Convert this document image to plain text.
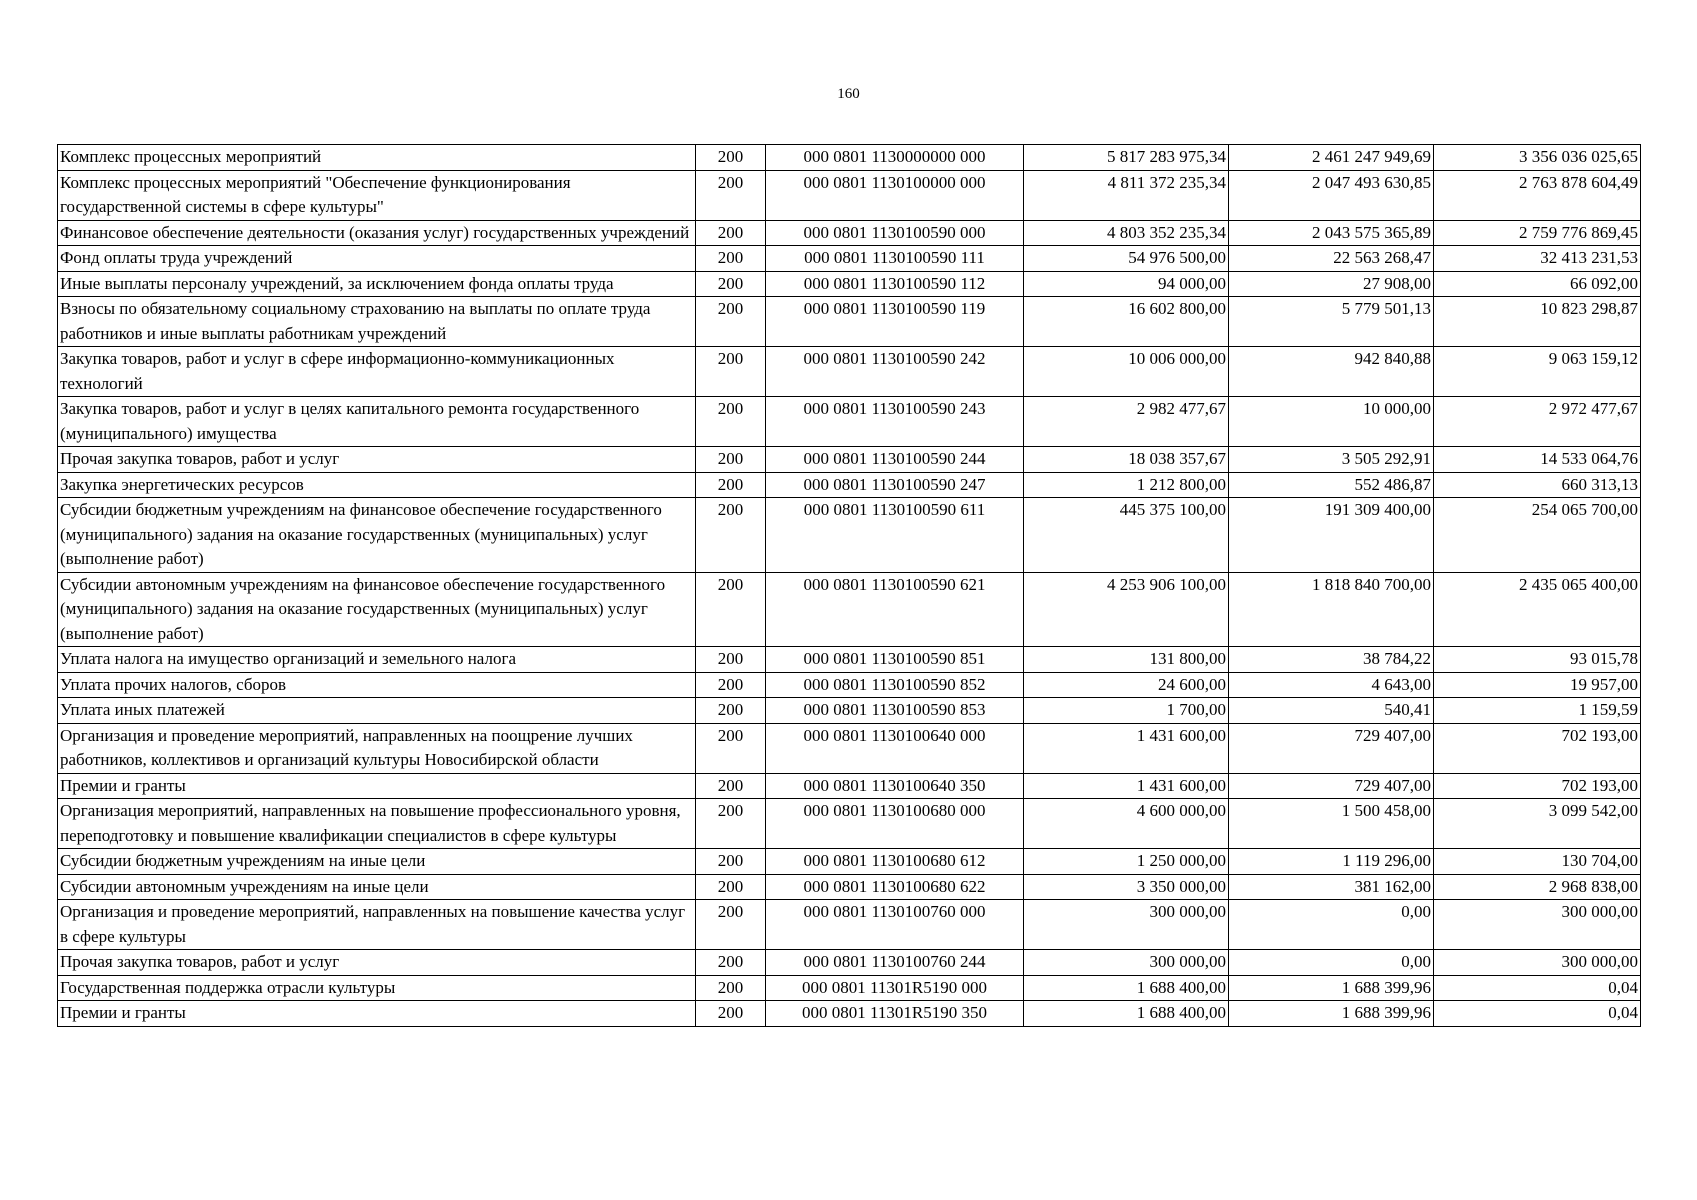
160
Комплекс процессных мероприятий	200	000 0801 1130000000 000	5 817 283 975,34	2 461 247 949,69	3 356 036 025,65
Комплекс процессных мероприятий "Обеспечение функционирования государственной системы в сфере культуры"	200	000 0801 1130100000 000	4 811 372 235,34	2 047 493 630,85	2 763 878 604,49
Финансовое обеспечение деятельности (оказания услуг) государственных учреждений	200	000 0801 1130100590 000	4 803 352 235,34	2 043 575 365,89	2 759 776 869,45
Фонд оплаты труда учреждений	200	000 0801 1130100590 111	54 976 500,00	22 563 268,47	32 413 231,53
Иные выплаты персоналу учреждений, за исключением фонда оплаты труда	200	000 0801 1130100590 112	94 000,00	27 908,00	66 092,00
Взносы по обязательному социальному страхованию на выплаты по оплате труда работников и иные выплаты работникам учреждений	200	000 0801 1130100590 119	16 602 800,00	5 779 501,13	10 823 298,87
Закупка товаров, работ и услуг в сфере информационно-коммуникационных технологий	200	000 0801 1130100590 242	10 006 000,00	942 840,88	9 063 159,12
Закупка товаров, работ и услуг в целях капитального ремонта государственного (муниципального) имущества	200	000 0801 1130100590 243	2 982 477,67	10 000,00	2 972 477,67
Прочая закупка товаров, работ и услуг	200	000 0801 1130100590 244	18 038 357,67	3 505 292,91	14 533 064,76
Закупка энергетических ресурсов	200	000 0801 1130100590 247	1 212 800,00	552 486,87	660 313,13
Субсидии бюджетным учреждениям на финансовое обеспечение государственного (муниципального) задания на оказание государственных (муниципальных) услуг (выполнение работ)	200	000 0801 1130100590 611	445 375 100,00	191 309 400,00	254 065 700,00
Субсидии автономным учреждениям на финансовое обеспечение государственного (муниципального) задания на оказание государственных (муниципальных) услуг (выполнение работ)	200	000 0801 1130100590 621	4 253 906 100,00	1 818 840 700,00	2 435 065 400,00
Уплата налога на имущество организаций и земельного налога	200	000 0801 1130100590 851	131 800,00	38 784,22	93 015,78
Уплата прочих налогов, сборов	200	000 0801 1130100590 852	24 600,00	4 643,00	19 957,00
Уплата иных платежей	200	000 0801 1130100590 853	1 700,00	540,41	1 159,59
Организация и проведение мероприятий, направленных на поощрение лучших работников, коллективов и организаций культуры Новосибирской области	200	000 0801 1130100640 000	1 431 600,00	729 407,00	702 193,00
Премии и гранты	200	000 0801 1130100640 350	1 431 600,00	729 407,00	702 193,00
Организация мероприятий, направленных на повышение профессионального уровня, переподготовку и повышение квалификации специалистов в сфере культуры	200	000 0801 1130100680 000	4 600 000,00	1 500 458,00	3 099 542,00
Субсидии бюджетным учреждениям на иные цели	200	000 0801 1130100680 612	1 250 000,00	1 119 296,00	130 704,00
Субсидии автономным учреждениям на иные цели	200	000 0801 1130100680 622	3 350 000,00	381 162,00	2 968 838,00
Организация и проведение мероприятий, направленных на повышение качества услуг в сфере культуры	200	000 0801 1130100760 000	300 000,00	0,00	300 000,00
Прочая закупка товаров, работ и услуг	200	000 0801 1130100760 244	300 000,00	0,00	300 000,00
Государственная поддержка отрасли культуры	200	000 0801 11301R5190 000	1 688 400,00	1 688 399,96	0,04
Премии и гранты	200	000 0801 11301R5190 350	1 688 400,00	1 688 399,96	0,04
